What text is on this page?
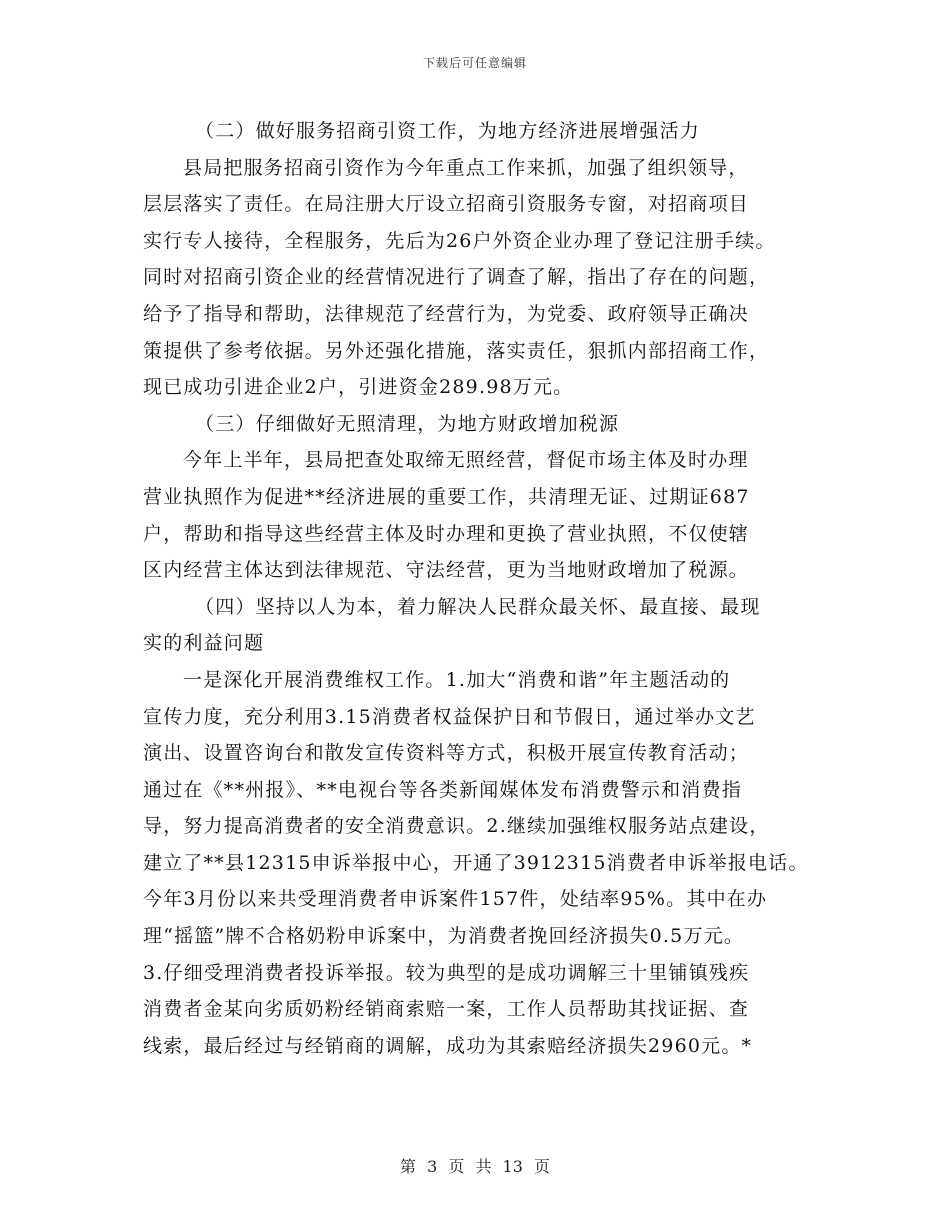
下载后可任意编辑
（二）做好服务招商引资工作，为地方经济进展增强活力
县局把服务招商引资作为今年重点工作来抓，加强了组织领导，
层层落实了责任。在局注册大厅设立招商引资服务专窗，对招商项目
实行专人接待，全程服务，先后为26户外资企业办理了登记注册手续。
同时对招商引资企业的经营情况进行了调查了解，指出了存在的问题，
给予了指导和帮助，法律规范了经营行为，为党委、政府领导正确决
策提供了参考依据。另外还强化措施，落实责任，狠抓内部招商工作，
现已成功引进企业2户，引进资金289.98万元。
（三）仔细做好无照清理，为地方财政增加税源
今年上半年，县局把查处取缔无照经营，督促市场主体及时办理
营业执照作为促进**经济进展的重要工作，共清理无证、过期证687
户，帮助和指导这些经营主体及时办理和更换了营业执照，不仅使辖
区内经营主体达到法律规范、守法经营，更为当地财政增加了税源。
（四）坚持以人为本，着力解决人民群众最关怀、最直接、最现
实的利益问题
一是深化开展消费维权工作。1.加大“消费和谐”年主题活动的
宣传力度，充分利用3.15消费者权益保护日和节假日，通过举办文艺
演出、设置咨询台和散发宣传资料等方式，积极开展宣传教育活动；
通过在《**州报》、**电视台等各类新闻媒体发布消费警示和消费指
导，努力提高消费者的安全消费意识。2.继续加强维权服务站点建设，
建立了**县12315申诉举报中心，开通了3912315消费者申诉举报电话。
今年3月份以来共受理消费者申诉案件157件，处结率95%。其中在办
理“摇篮”牌不合格奶粉申诉案中，为消费者挽回经济损失0.5万元。
3.仔细受理消费者投诉举报。较为典型的是成功调解三十里铺镇残疾
消费者金某向劣质奶粉经销商索赔一案，工作人员帮助其找证据、查
线索，最后经过与经销商的调解，成功为其索赔经济损失2960元。*
第 3 页 共 13 页
